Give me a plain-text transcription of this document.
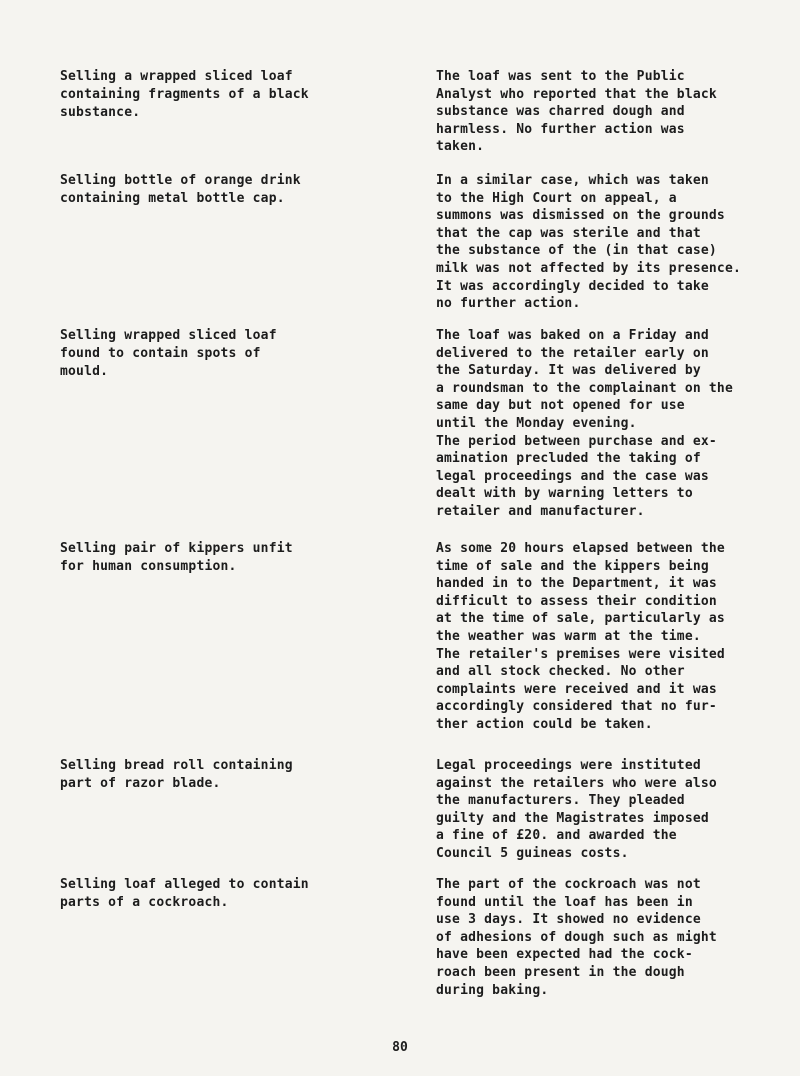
Selling a wrapped sliced loaf
containing fragments of a black
substance.
The loaf was sent to the Public
Analyst who reported that the black
substance was charred dough and
harmless. No further action was
taken.
Selling bottle of orange drink
containing metal bottle cap.
In a similar case, which was taken
to the High Court on appeal, a
summons was dismissed on the grounds
that the cap was sterile and that
the substance of the (in that case)
milk was not affected by its presence.
It was accordingly decided to take
no further action.
Selling wrapped sliced loaf
found to contain spots of
mould.
The loaf was baked on a Friday and
delivered to the retailer early on
the Saturday. It was delivered by
a roundsman to the complainant on the
same day but not opened for use
until the Monday evening.
The period between purchase and ex-
amination precluded the taking of
legal proceedings and the case was
dealt with by warning letters to
retailer and manufacturer.
Selling pair of kippers unfit
for human consumption.
As some 20 hours elapsed between the
time of sale and the kippers being
handed in to the Department, it was
difficult to assess their condition
at the time of sale, particularly as
the weather was warm at the time.
The retailer's premises were visited
and all stock checked. No other
complaints were received and it was
accordingly considered that no fur-
ther action could be taken.
Selling bread roll containing
part of razor blade.
Legal proceedings were instituted
against the retailers who were also
the manufacturers. They pleaded
guilty and the Magistrates imposed
a fine of £20. and awarded the
Council 5 guineas costs.
Selling loaf alleged to contain
parts of a cockroach.
The part of the cockroach was not
found until the loaf has been in
use 3 days. It showed no evidence
of adhesions of dough such as might
have been expected had the cock-
roach been present in the dough
during baking.
80
